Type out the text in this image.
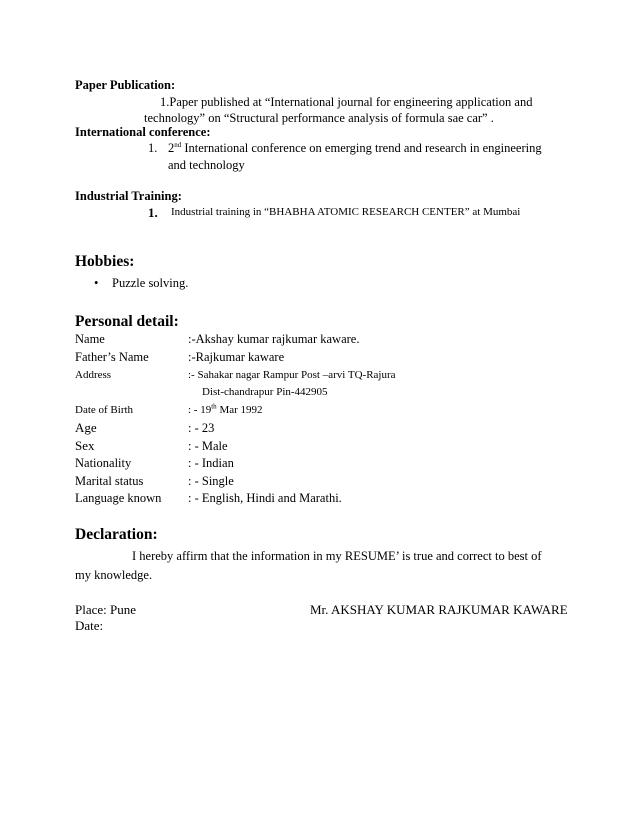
Paper Publication:
1.Paper published at “International journal for engineering application and
technology” on “Structural performance analysis of formula sae car” .
International conference:
1. 2nd International conference on emerging trend and research in engineering
and technology
Industrial Training:
1. Industrial training in “BHABHA ATOMIC RESEARCH CENTER” at Mumbai
Hobbies:
• Puzzle solving.
Personal detail:
Name	:-Akshay kumar rajkumar kaware.
Father’s Name	:-Rajkumar kaware
Address	:- Sahakar nagar Rampur Post –arvi TQ-Rajura
Dist-chandrapur Pin-442905
Date of Birth	: - 19th Mar 1992
Age	: - 23
Sex	: - Male
Nationality	: - Indian
Marital status	: - Single
Language known : - English, Hindi and Marathi.
Declaration:
I hereby affirm that the information in my RESUME’ is true and correct to best of
my knowledge.
Place: Pune	Mr. AKSHAY KUMAR RAJKUMAR KAWARE
Date:
